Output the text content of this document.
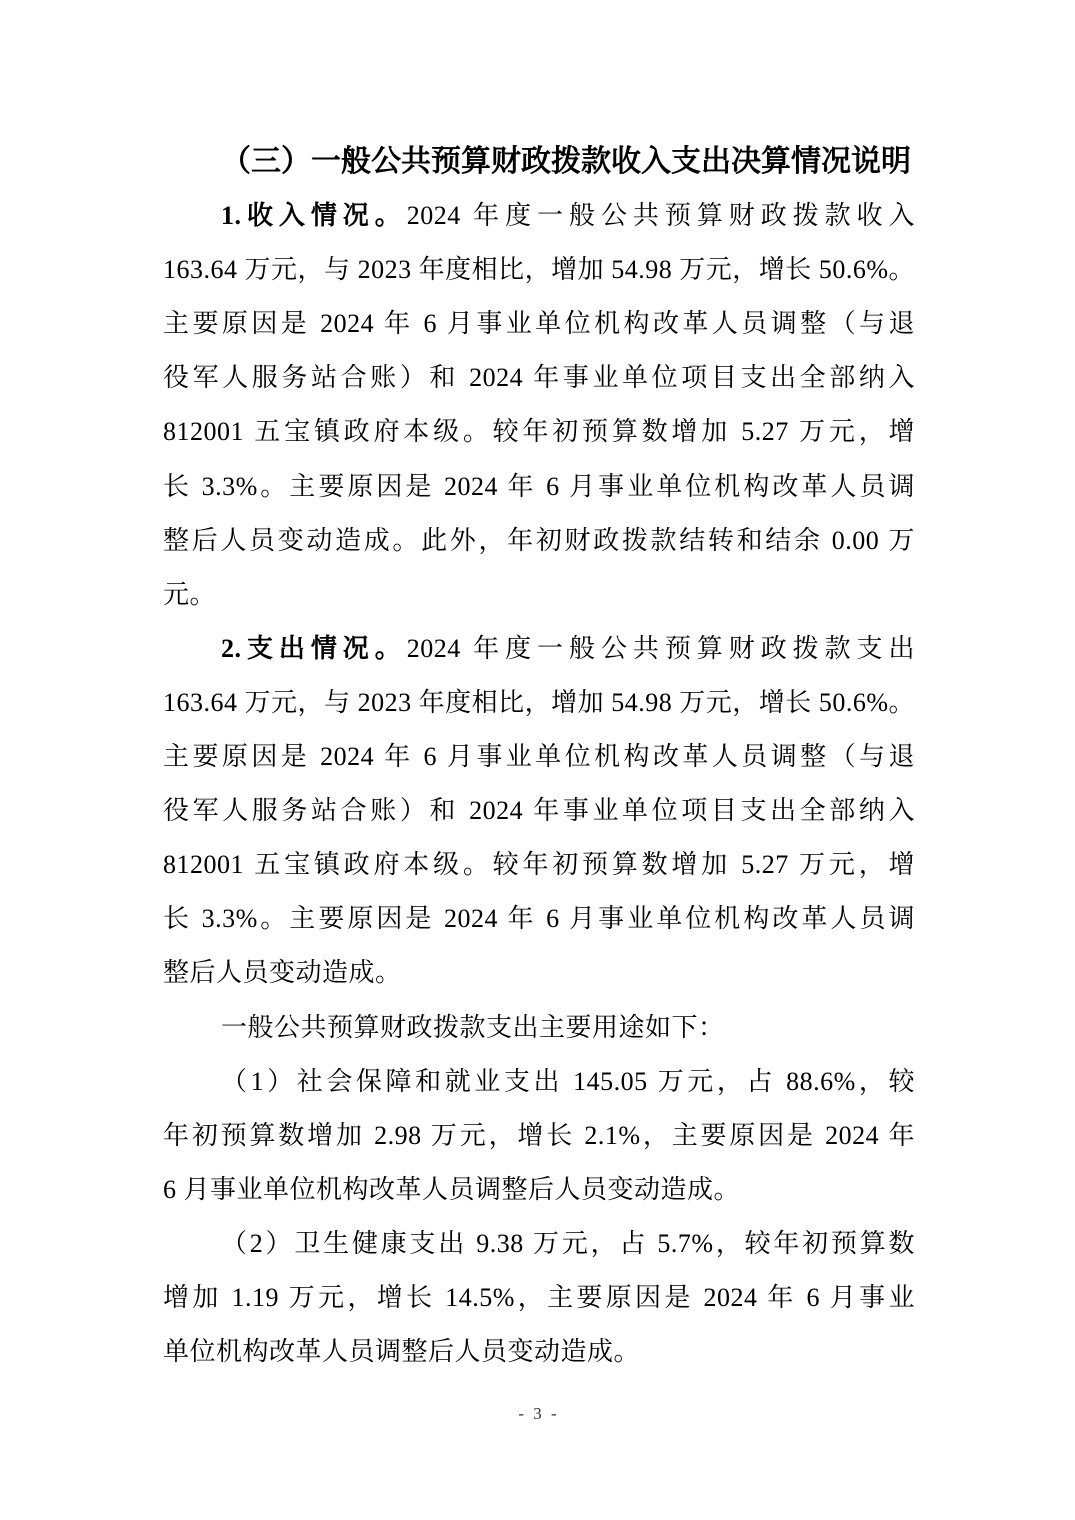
（三）一般公共预算财政拨款收入支出决算情况说明
1.收入情况。2024 年度一般公共预算财政拨款收入
163.64 万元，与 2023 年度相比，增加 54.98 万元，增长 50.6%。
主要原因是 2024 年 6 月事业单位机构改革人员调整（与退
役军人服务站合账）和 2024 年事业单位项目支出全部纳入
812001 五宝镇政府本级。较年初预算数增加 5.27 万元，增
长 3.3%。主要原因是 2024 年 6 月事业单位机构改革人员调
整后人员变动造成。此外，年初财政拨款结转和结余 0.00 万
元。
2.支出情况。2024 年度一般公共预算财政拨款支出
163.64 万元，与 2023 年度相比，增加 54.98 万元，增长 50.6%。
主要原因是 2024 年 6 月事业单位机构改革人员调整（与退
役军人服务站合账）和 2024 年事业单位项目支出全部纳入
812001 五宝镇政府本级。较年初预算数增加 5.27 万元，增
长 3.3%。主要原因是 2024 年 6 月事业单位机构改革人员调
整后人员变动造成。
一般公共预算财政拨款支出主要用途如下：
（1）社会保障和就业支出 145.05 万元，占 88.6%，较
年初预算数增加 2.98 万元，增长 2.1%，主要原因是 2024 年
6 月事业单位机构改革人员调整后人员变动造成。
（2）卫生健康支出 9.38 万元，占 5.7%，较年初预算数
增加 1.19 万元，增长 14.5%，主要原因是 2024 年 6 月事业
单位机构改革人员调整后人员变动造成。
- 3 -
